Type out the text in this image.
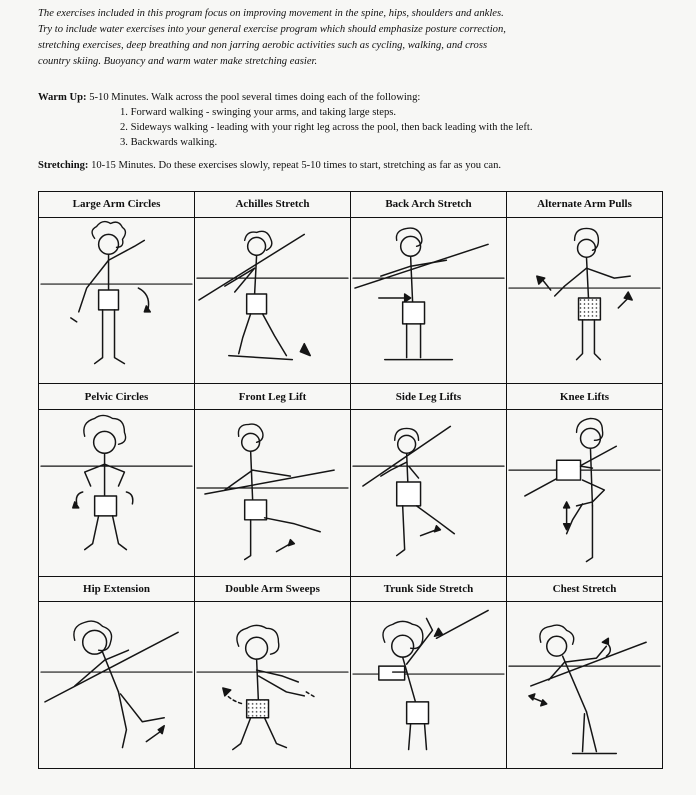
The exercises included in this program focus on improving movement in the spine, hips, shoulders and ankles.

Try to include water exercises into your general exercise program which should emphasize posture correction,

stretching exercises, deep breathing and non jarring aerobic activities such as cycling, walking, and cross

country skiing. Buoyancy and warm water make stretching easier.

Warm Up: 5-10 Minutes. Walk across the pool several times doing each of the following:
1. Forward walking - swinging your arms, and taking large steps.
2. Sideways walking - leading with your right leg across the pool, then back leading with the left.
3. Backwards walking.
Stretching: 10-15 Minutes. Do these exercises slowly, repeat 5-10 times to start, stretching as far as you can.
Large Arm Circles	Achilles Stretch	Back Arch Stretch	Alternate Arm Pulls

Pelvic Circles	Front Leg Lift	Side Leg Lifts	Knee Lifts

Hip Extension	Double Arm Sweeps	Trunk Side Stretch	Chest Stretch
